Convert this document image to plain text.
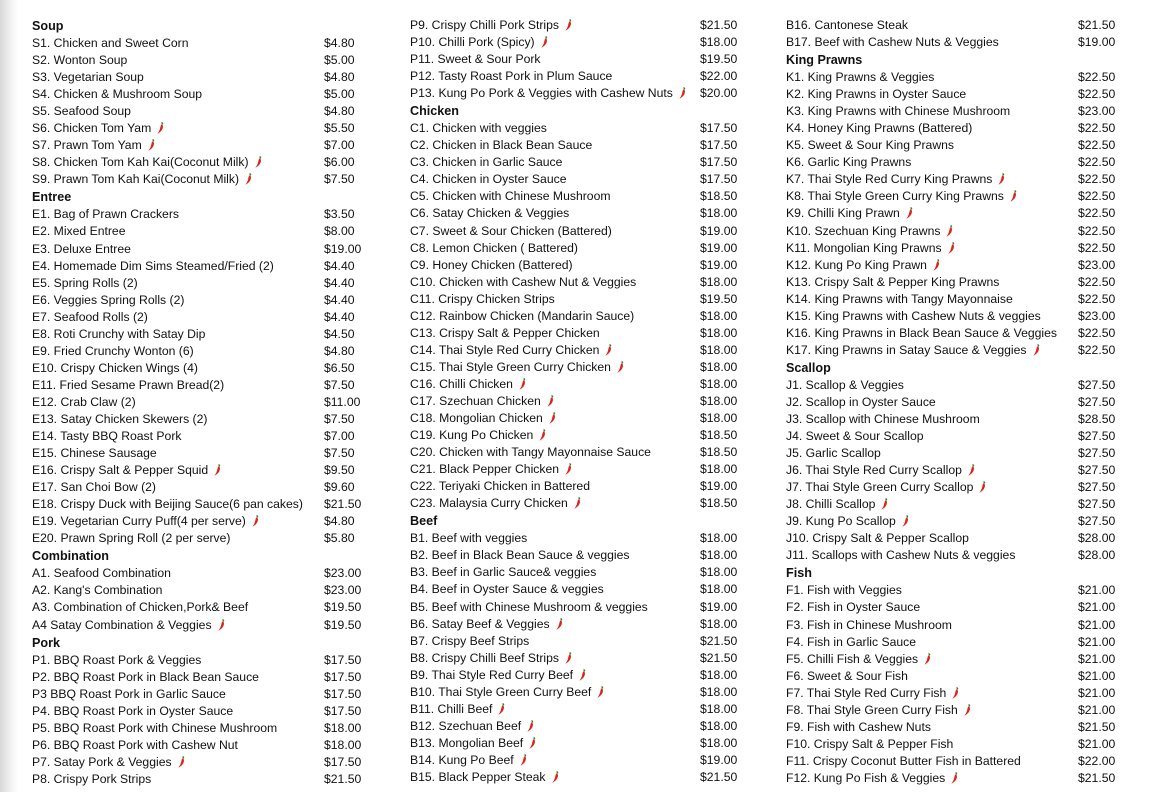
Soup
S1. Chicken and Sweet Corn	$4.80
S2. Wonton Soup	$5.00
S3. Vegetarian Soup	$4.80
S4. Chicken & Mushroom Soup	$5.00
S5. Seafood Soup	$4.80
S6. Chicken Tom Yam	$5.50
S7. Prawn Tom Yam	$7.00
S8. Chicken Tom Kah Kai(Coconut Milk)	$6.00
S9. Prawn Tom Kah Kai(Coconut Milk)	$7.50
Entree
E1. Bag of Prawn Crackers	$3.50
E2. Mixed Entree	$8.00
E3. Deluxe Entree	$19.00
E4. Homemade Dim Sims Steamed/Fried (2)	$4.40
E5. Spring Rolls (2)	$4.40
E6. Veggies Spring Rolls (2)	$4.40
E7. Seafood Rolls (2)	$4.40
E8. Roti Crunchy with Satay Dip	$4.50
E9. Fried Crunchy Wonton (6)	$4.80
E10. Crispy Chicken Wings (4)	$6.50
E11. Fried Sesame Prawn Bread(2)	$7.50
E12. Crab Claw (2)	$11.00
E13. Satay Chicken Skewers (2)	$7.50
E14. Tasty BBQ Roast Pork	$7.00
E15. Chinese Sausage	$7.50
E16. Crispy Salt & Pepper Squid	$9.50
E17. San Choi Bow (2)	$9.60
E18. Crispy Duck with Beijing Sauce(6 pan cakes) $21.50
E19. Vegetarian Curry Puff(4 per serve)	$4.80
E20. Prawn Spring Roll (2 per serve)	$5.80
Combination
A1. Seafood Combination	$23.00
A2. Kang's Combination	$23.00
A3. Combination of Chicken,Pork& Beef	$19.50
A4 Satay Combination & Veggies	$19.50
Pork
P1. BBQ Roast Pork & Veggies	$17.50
P2. BBQ Roast Pork in Black Bean Sauce	$17.50
P3 BBQ Roast Pork in Garlic Sauce	$17.50
P4. BBQ Roast Pork in Oyster Sauce	$17.50
P5. BBQ Roast Pork with Chinese Mushroom	$18.00
P6. BBQ Roast Pork with Cashew Nut	$18.00
P7. Satay Pork & Veggies	$17.50
P8. Crispy Pork Strips	$21.50
P9. Crispy Chilli Pork Strips	$21.50
P10. Chilli Pork (Spicy)	$18.00
P11. Sweet & Sour Pork	$19.50
P12. Tasty Roast Pork in Plum Sauce	$22.00
P13. Kung Po Pork & Veggies with Cashew Nuts	$20.00
Chicken
C1. Chicken with veggies	$17.50
C2. Chicken in Black Bean Sauce	$17.50
C3. Chicken in Garlic Sauce	$17.50
C4. Chicken in Oyster Sauce	$17.50
C5. Chicken with Chinese Mushroom	$18.50
C6. Satay Chicken & Veggies	$18.00
C7. Sweet & Sour Chicken (Battered)	$19.00
C8. Lemon Chicken ( Battered)	$19.00
C9. Honey Chicken (Battered)	$19.00
C10. Chicken with Cashew Nut & Veggies	$18.00
C11. Crispy Chicken Strips	$19.50
C12. Rainbow Chicken (Mandarin Sauce)	$18.00
C13. Crispy Salt & Pepper Chicken	$18.00
C14. Thai Style Red Curry Chicken	$18.00
C15. Thai Style Green Curry Chicken	$18.00
C16. Chilli Chicken	$18.00
C17. Szechuan Chicken	$18.00
C18. Mongolian Chicken	$18.00
C19. Kung Po Chicken	$18.50
C20. Chicken with Tangy Mayonnaise Sauce	$18.50
C21. Black Pepper Chicken	$18.00
C22. Teriyaki Chicken in Battered	$19.00
C23. Malaysia Curry Chicken	$18.50
Beef
B1. Beef with veggies	$18.00
B2. Beef in Black Bean Sauce & veggies	$18.00
B3. Beef in Garlic Sauce& veggies	$18.00
B4. Beef in Oyster Sauce & veggies	$18.00
B5. Beef with Chinese Mushroom & veggies	$19.00
B6. Satay Beef & Veggies	$18.00
B7. Crispy Beef Strips	$21.50
B8. Crispy Chilli Beef Strips	$21.50
B9. Thai Style Red Curry Beef	$18.00
B10. Thai Style Green Curry Beef	$18.00
B11. Chilli Beef	$18.00
B12. Szechuan Beef	$18.00
B13. Mongolian Beef	$18.00
B14. Kung Po Beef	$19.00
B15. Black Pepper Steak	$21.50
B16. Cantonese Steak	$21.50
B17. Beef with Cashew Nuts & Veggies	$19.00
King Prawns
K1. King Prawns & Veggies	$22.50
K2. King Prawns in Oyster Sauce	$22.50
K3. King Prawns with Chinese Mushroom	$23.00
K4. Honey King Prawns (Battered)	$22.50
K5. Sweet & Sour King Prawns	$22.50
K6. Garlic King Prawns	$22.50
K7. Thai Style Red Curry King Prawns	$22.50
K8. Thai Style Green Curry King Prawns	$22.50
K9. Chilli King Prawn	$22.50
K10. Szechuan King Prawns	$22.50
K11. Mongolian King Prawns	$22.50
K12. Kung Po King Prawn	$23.00
K13. Crispy Salt & Pepper King Prawns	$22.50
K14. King Prawns with Tangy Mayonnaise	$22.50
K15. King Prawns with Cashew Nuts & veggies	$23.00
K16. King Prawns in Black Bean Sauce & Veggies $22.50
K17. King Prawns in Satay Sauce & Veggies	$22.50
Scallop
J1. Scallop & Veggies	$27.50
J2. Scallop in Oyster Sauce	$27.50
J3. Scallop with Chinese Mushroom	$28.50
J4. Sweet & Sour Scallop	$27.50
J5. Garlic Scallop	$27.50
J6. Thai Style Red Curry Scallop	$27.50
J7. Thai Style Green Curry Scallop	$27.50
J8. Chilli Scallop	$27.50
J9. Kung Po Scallop	$27.50
J10. Crispy Salt & Pepper Scallop	$28.00
J11. Scallops with Cashew Nuts & veggies	$28.00
Fish
F1. Fish with Veggies	$21.00
F2. Fish in Oyster Sauce	$21.00
F3. Fish in Chinese Mushroom	$21.00
F4. Fish in Garlic Sauce	$21.00
F5. Chilli Fish & Veggies	$21.00
F6. Sweet & Sour Fish	$21.00
F7. Thai Style Red Curry Fish	$21.00
F8. Thai Style Green Curry Fish	$21.00
F9. Fish with Cashew Nuts	$21.50
F10. Crispy Salt & Pepper Fish	$21.00
F11. Crispy Coconut Butter Fish in Battered	$22.00
F12. Kung Po Fish & Veggies	$21.50
